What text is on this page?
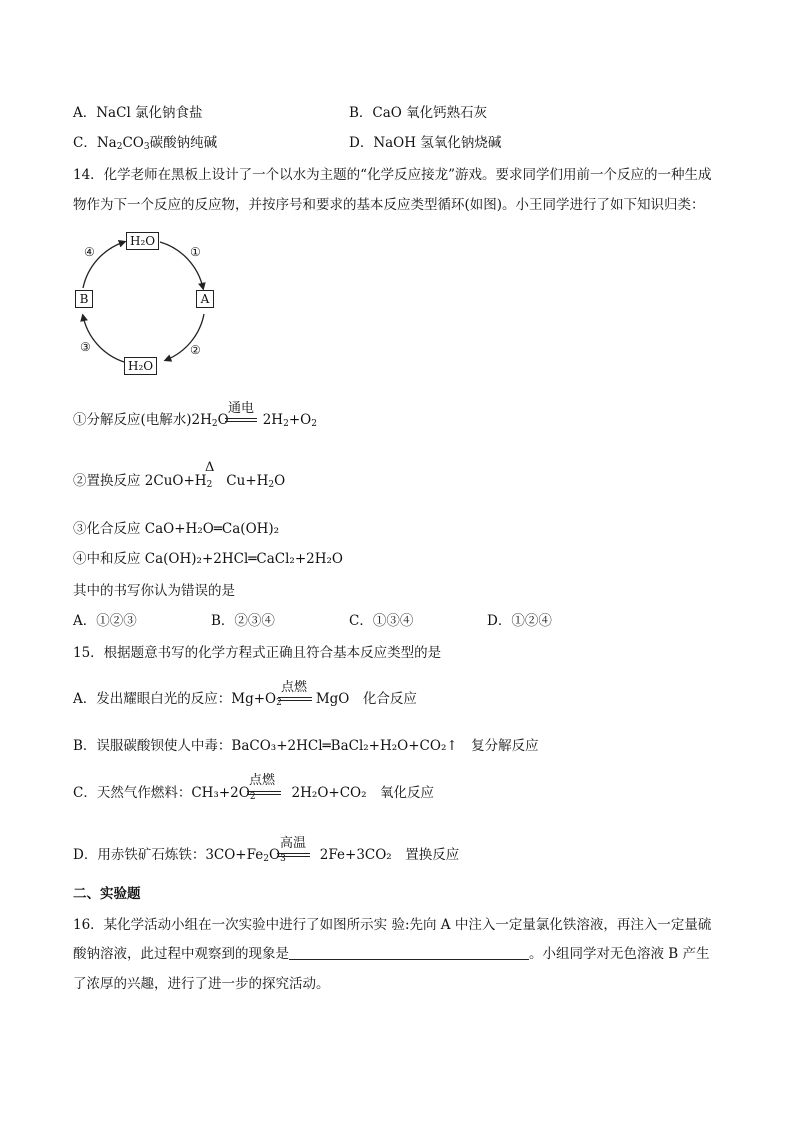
A．NaCl 氯化钠食盐	B．CaO 氧化钙熟石灰
C．$Na_2CO_3$碳酸钠纯碱	D．NaOH 氢氧化钠烧碱
14．化学老师在黑板上设计了一个以水为主题的“化学反应接龙”游戏。要求同学们用前一个反应的一种生成
物作为下一个反应的反应物，并按序号和要求的基本反应类型循环(如图)。小王同学进行了如下知识归类：
H₂O
H₂O
B	A
①
②
③
④
①分解反应(电解水)$2H_2O$	$2H_2+O_2$
通电
②置换反应 $2CuO+H_2$ $Cu+H_2O$
Δ
③化合反应 CaO+H₂O═Ca(OH)₂
④中和反应 Ca(OH)₂+2HCl═CaCl₂+2H₂O
其中的书写你认为错误的是
A．①②③	B．②③④	C．①③④	D．①②④
15．根据题意书写的化学方程式正确且符合基本反应类型的是
A．发出耀眼白光的反应：$Mg+O_2$	MgO　化合反应
点燃
B．误服碳酸钡使人中毒：BaCO₃+2HCl═BaCl₂+H₂O+CO₂↑　复分解反应
C．天然气作燃料：$CH_3+2O_2$	2H₂O+CO₂　氧化反应
点燃
D．用赤铁矿石炼铁：$3CO+Fe_2O_3$	2Fe+3CO₂　置换反应
高温
二、实验题
16．某化学活动小组在一次实验中进行了如图所示实 验:先向 A 中注入一定量氯化铁溶液，再注入一定量硫
酸钠溶液，此过程中观察到的现象是	。小组同学对无色溶液 B 产生
了浓厚的兴趣，进行了进一步的探究活动。
